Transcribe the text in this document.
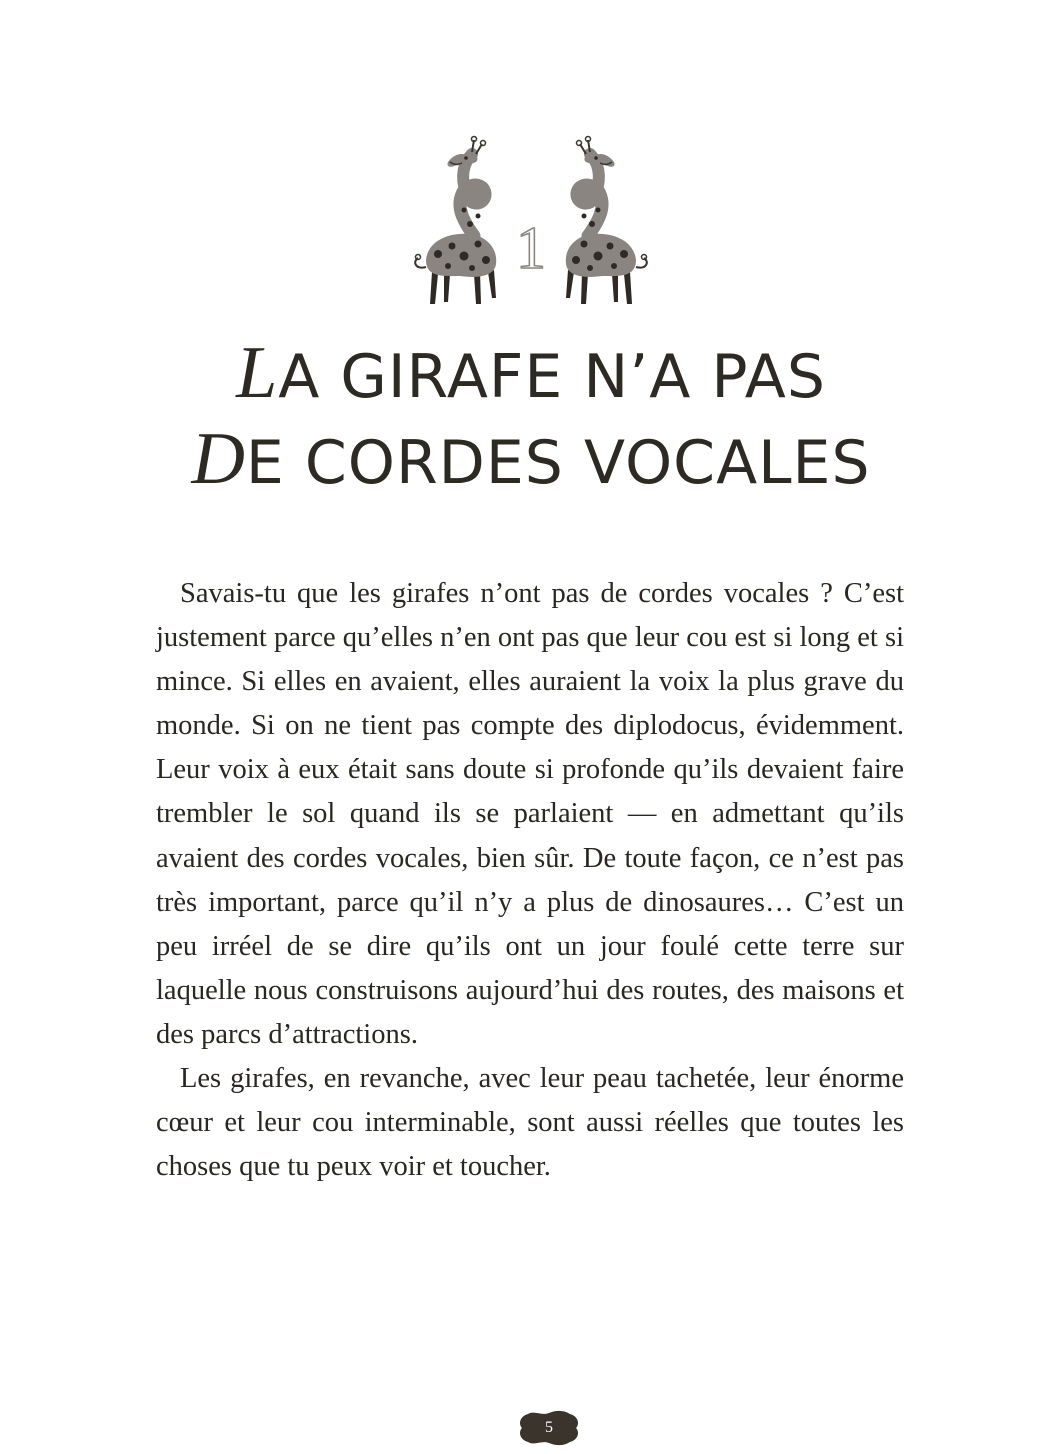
1
LA GIRAFE N’A PAS
DE CORDES VOCALES

Savais-tu que les girafes n’ont pas de cordes vocales ? C’est justement parce qu’elles n’en ont pas que leur cou est si long et si mince. Si elles en avaient, elles auraient la voix la plus grave du monde. Si on ne tient pas compte des diplodocus, évidemment. Leur voix à eux était sans doute si profonde qu’ils devaient faire trembler le sol quand ils se parlaient — en admettant qu’ils avaient des cordes vocales, bien sûr. De toute façon, ce n’est pas très important, parce qu’il n’y a plus de dinosaures… C’est un peu irréel de se dire qu’ils ont un jour foulé cette terre sur laquelle nous construisons aujourd’hui des routes, des maisons et des parcs d’attractions.

Les girafes, en revanche, avec leur peau tachetée, leur énorme cœur et leur cou interminable, sont aussi réelles que toutes les choses que tu peux voir et toucher.

5
